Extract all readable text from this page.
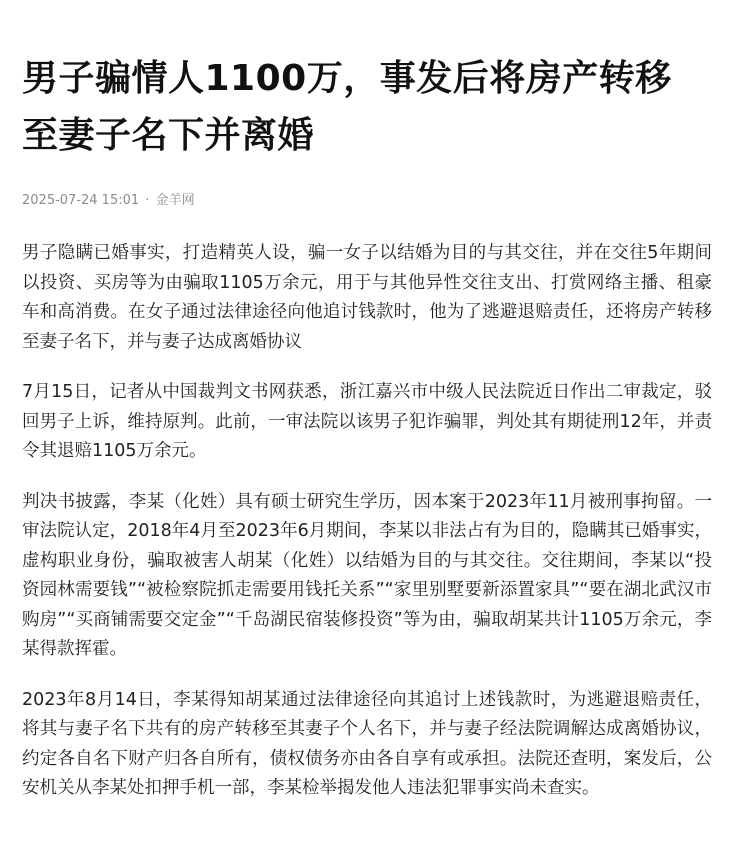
男子骗情人1100万，事发后将房产转移至妻子名下并离婚
2025-07-24 15:01 · 金羊网

男子隐瞒已婚事实，打造精英人设，骗一女子以结婚为目的与其交往，并在交往5年期间以投资、买房等为由骗取1105万余元，用于与其他异性交往支出、打赏网络主播、租豪车和高消费。在女子通过法律途径向他追讨钱款时，他为了逃避退赔责任，还将房产转移至妻子名下，并与妻子达成离婚协议

7月15日，记者从中国裁判文书网获悉，浙江嘉兴市中级人民法院近日作出二审裁定，驳回男子上诉，维持原判。此前，一审法院以该男子犯诈骗罪，判处其有期徒刑12年，并责令其退赔1105万余元。

判决书披露，李某（化姓）具有硕士研究生学历，因本案于2023年11月被刑事拘留。一审法院认定，2018年4月至2023年6月期间，李某以非法占有为目的，隐瞒其已婚事实，虚构职业身份，骗取被害人胡某（化姓）以结婚为目的与其交往。交往期间，李某以“投资园林需要钱”“被检察院抓走需要用钱托关系”“家里别墅要新添置家具”“要在湖北武汉市购房”“买商铺需要交定金”“千岛湖民宿装修投资”等为由，骗取胡某共计1105万余元，李某得款挥霍。

2023年8月14日，李某得知胡某通过法律途径向其追讨上述钱款时，为逃避退赔责任，将其与妻子名下共有的房产转移至其妻子个人名下，并与妻子经法院调解达成离婚协议，约定各自名下财产归各自所有，债权债务亦由各自享有或承担。法院还查明，案发后，公安机关从李某处扣押手机一部，李某检举揭发他人违法犯罪事实尚未查实。
